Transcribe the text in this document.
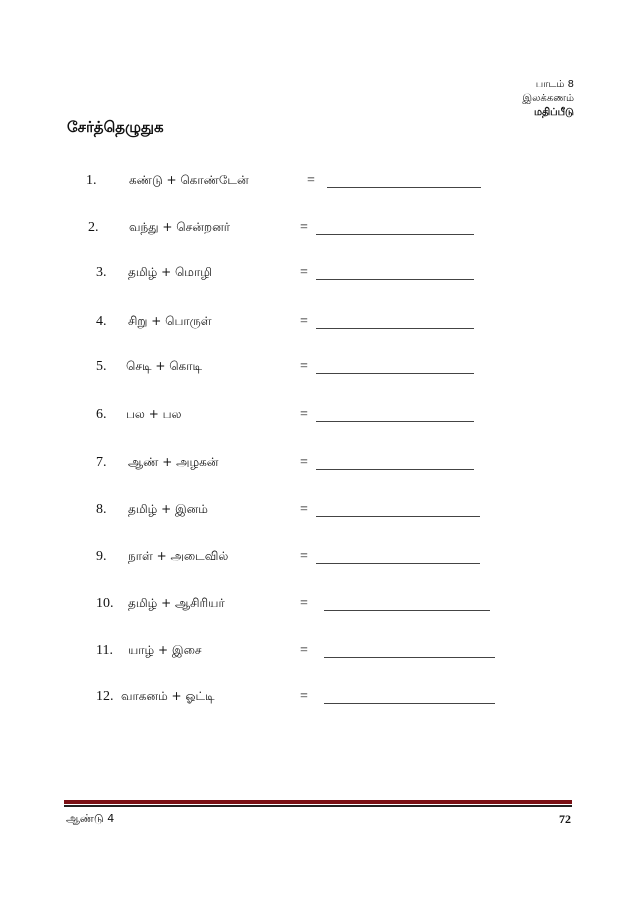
பாடம் 8
இலக்கணம்
மதிப்பீடு
சேர்த்தெழுதுக
1.	கண்டு + கொண்டேன்	=
2.	வந்து + சென்றனர்	=
3. தமிழ் + மொழி	=
4. சிறு + பொருள்	=
5. செடி + கொடி	=
6. பல + பல	=
7. ஆண் + அழகன்	=
8. தமிழ் + இனம்	=
9. நாள் + அடைவில்	=
10. தமிழ் + ஆசிரியர்	=
11. யாழ் + இசை	=
12. வாகனம் + ஓட்டி	=
ஆண்டு 4	72
